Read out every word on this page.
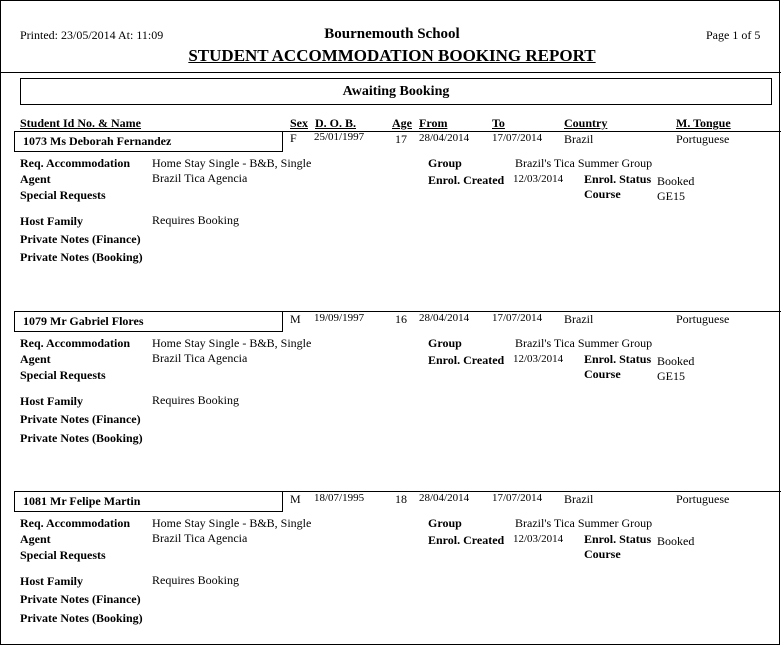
Printed: 23/05/2014 At: 11:09	Bournemouth School
STUDENT ACCOMMODATION BOOKING REPORT
Page 1 of 5
Awaiting Booking
Student Id No. & Name	Sex D. O. B.	Age From	To	Country	M. Tongue
1073 Ms Deborah Fernandez	F 25/01/1997	17 28/04/2014 17/07/2014 Brazil	Portuguese
Req. Accommodation Home Stay Single - B&B, Single
Agent	Brazil Tica Agencia
Special Requests
Host Family	Requires Booking
Private Notes (Finance)
Private Notes (Booking)
Group	Brazil's Tica Summer Group
Enrol. Created 12/03/2014 Enrol. Status Booked
Course	GE15
1079 Mr Gabriel Flores	M 19/09/1997	16 28/04/2014 17/07/2014 Brazil	Portuguese
Req. Accommodation Home Stay Single - B&B, Single
Agent	Brazil Tica Agencia
Special Requests
Host Family	Requires Booking
Private Notes (Finance)
Private Notes (Booking)
Group	Brazil's Tica Summer Group
Enrol. Created 12/03/2014 Enrol. Status Booked
Course	GE15
1081 Mr Felipe Martin	M 18/07/1995	18 28/04/2014 17/07/2014 Brazil	Portuguese
Req. Accommodation Home Stay Single - B&B, Single
Agent	Brazil Tica Agencia
Special Requests
Host Family	Requires Booking
Private Notes (Finance)
Private Notes (Booking)
Group	Brazil's Tica Summer Group
Enrol. Created 12/03/2014 Enrol. Status Booked
Course
